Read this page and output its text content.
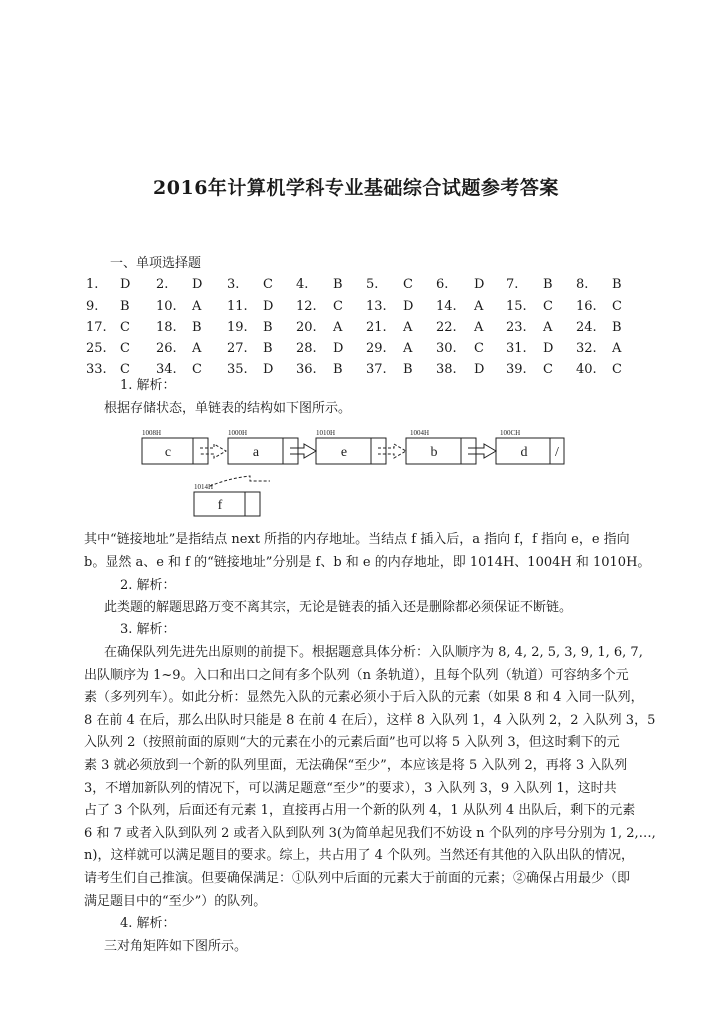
2016年计算机学科专业基础综合试题参考答案
一、单项选择题
1. D 2. D 3. C 4. B 5. C 6. D 7. B 8. B
9. B 10. A 11. D 12. C 13. D 14. A 15. C 16. C
17. C 18. B 19. B 20. A 21. A 22. A 23. A 24. B
25. C 26. A 27. B 28. D 29. A 30. C 31. D 32. A
33. C 34. C 35. D 36. B 37. B 38. D 39. C 40. C
1. 解析：
根据存储状态，单链表的结构如下图所示。
1008H	1000H	1010H	1004H	100CH
1014H
c	a	e	b	d /
f
其中“链接地址”是指结点 next 所指的内存地址。当结点 f 插入后，a 指向 f，f 指向 e，e 指向
b。显然 a、e 和 f 的“链接地址”分别是 f、b 和 e 的内存地址，即 1014H、1004H 和 1010H。
2. 解析：
此类题的解题思路万变不离其宗，无论是链表的插入还是删除都必须保证不断链。
3. 解析：
在确保队列先进先出原则的前提下。根据题意具体分析：入队顺序为 8, 4, 2, 5, 3, 9, 1, 6, 7,
出队顺序为 1~9。入口和出口之间有多个队列（n 条轨道），且每个队列（轨道）可容纳多个元
素（多列列车）。如此分析：显然先入队的元素必须小于后入队的元素（如果 8 和 4 入同一队列，
8 在前 4 在后，那么出队时只能是 8 在前 4 在后），这样 8 入队列 1，4 入队列 2，2 入队列 3，5
入队列 2（按照前面的原则“大的元素在小的元素后面”也可以将 5 入队列 3，但这时剩下的元
素 3 就必须放到一个新的队列里面，无法确保“至少”，本应该是将 5 入队列 2，再将 3 入队列
3，不增加新队列的情况下，可以满足题意“至少”的要求），3 入队列 3，9 入队列 1，这时共
占了 3 个队列，后面还有元素 1，直接再占用一个新的队列 4，1 从队列 4 出队后，剩下的元素
6 和 7 或者入队到队列 2 或者入队到队列 3(为简单起见我们不妨设 n 个队列的序号分别为 1, 2,…,
n)，这样就可以满足题目的要求。综上，共占用了 4 个队列。当然还有其他的入队出队的情况，
请考生们自己推演。但要确保满足：①队列中后面的元素大于前面的元素；②确保占用最少（即
满足题目中的“至少”）的队列。
4. 解析：
三对角矩阵如下图所示。
